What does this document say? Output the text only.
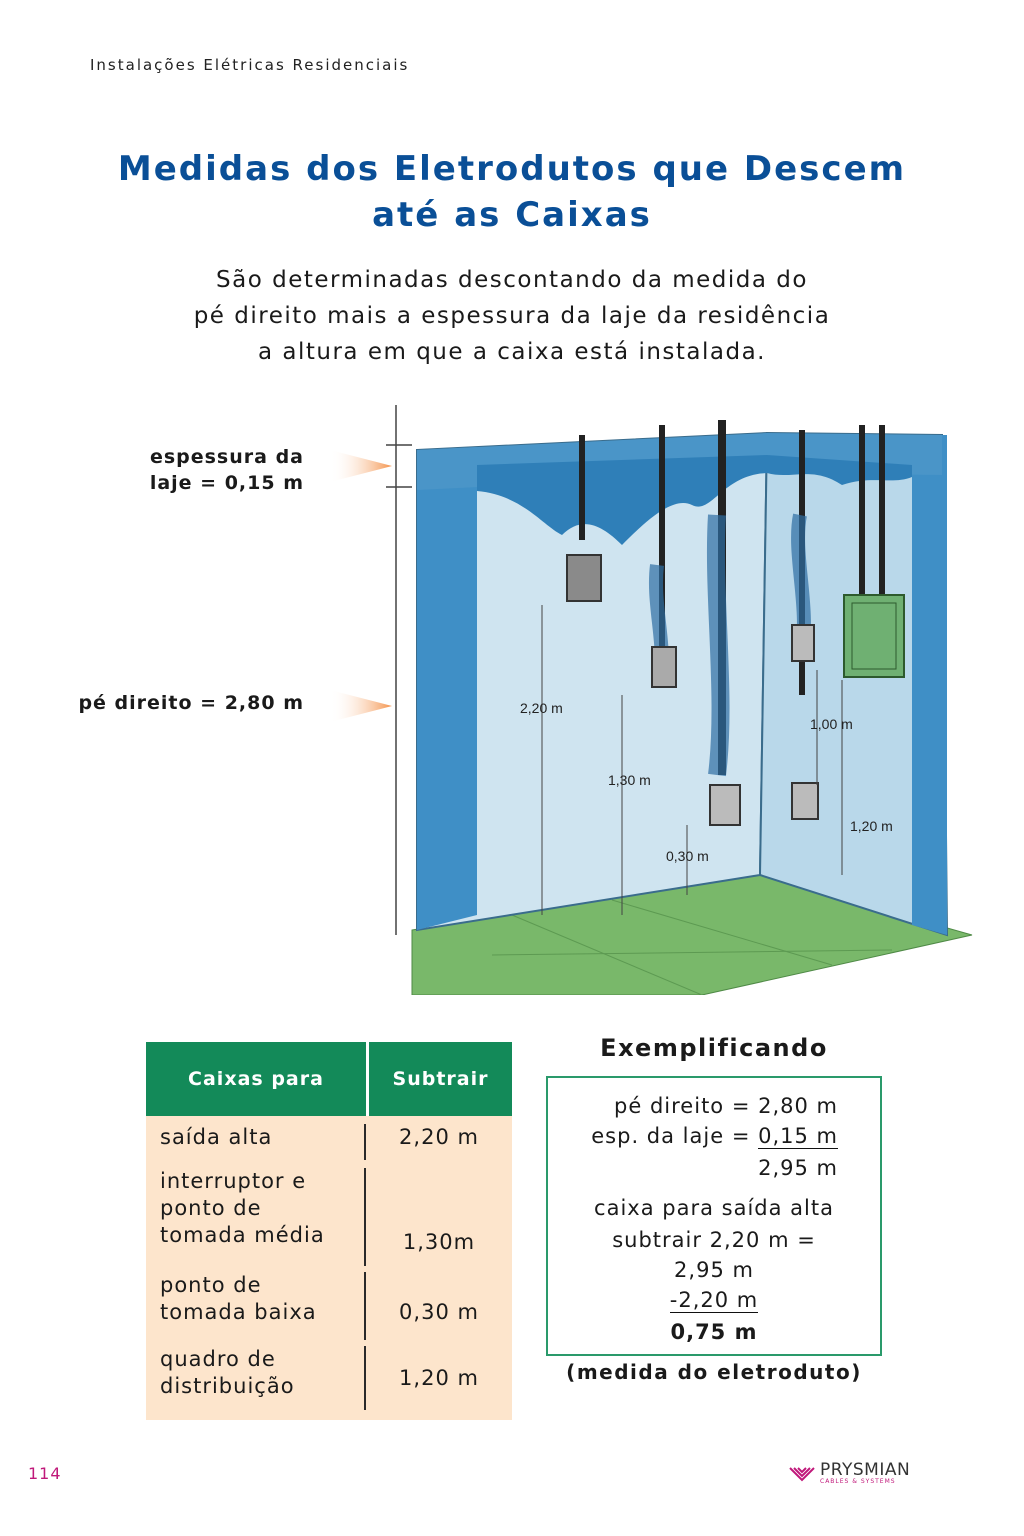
Instalações Elétricas Residenciais
Medidas dos Eletrodutos que Descem
até as Caixas
São determinadas descontando da medida do
pé direito mais a espessura da laje da residência
a altura em que a caixa está instalada.
espessura da
laje = 0,15 m
pé direito = 2,80 m	2,20 m
1,30 m
0,30 m
1,00 m
1,20 m
Caixas para	Subtrair
saída alta	2,20 m
interruptor e
ponto de
tomada média	1,30m
ponto de
tomada baixa	0,30 m
quadro de
distribuição	1,20 m
Exemplificando
pé direito = 2,80 m
esp. da laje = 0,15 m
2,95 m
caixa para saída alta
subtrair 2,20 m =
2,95 m
-2,20 m
0,75 m
(medida do eletroduto)
114	PRYSMIAN
CABLES & SYSTEMS
